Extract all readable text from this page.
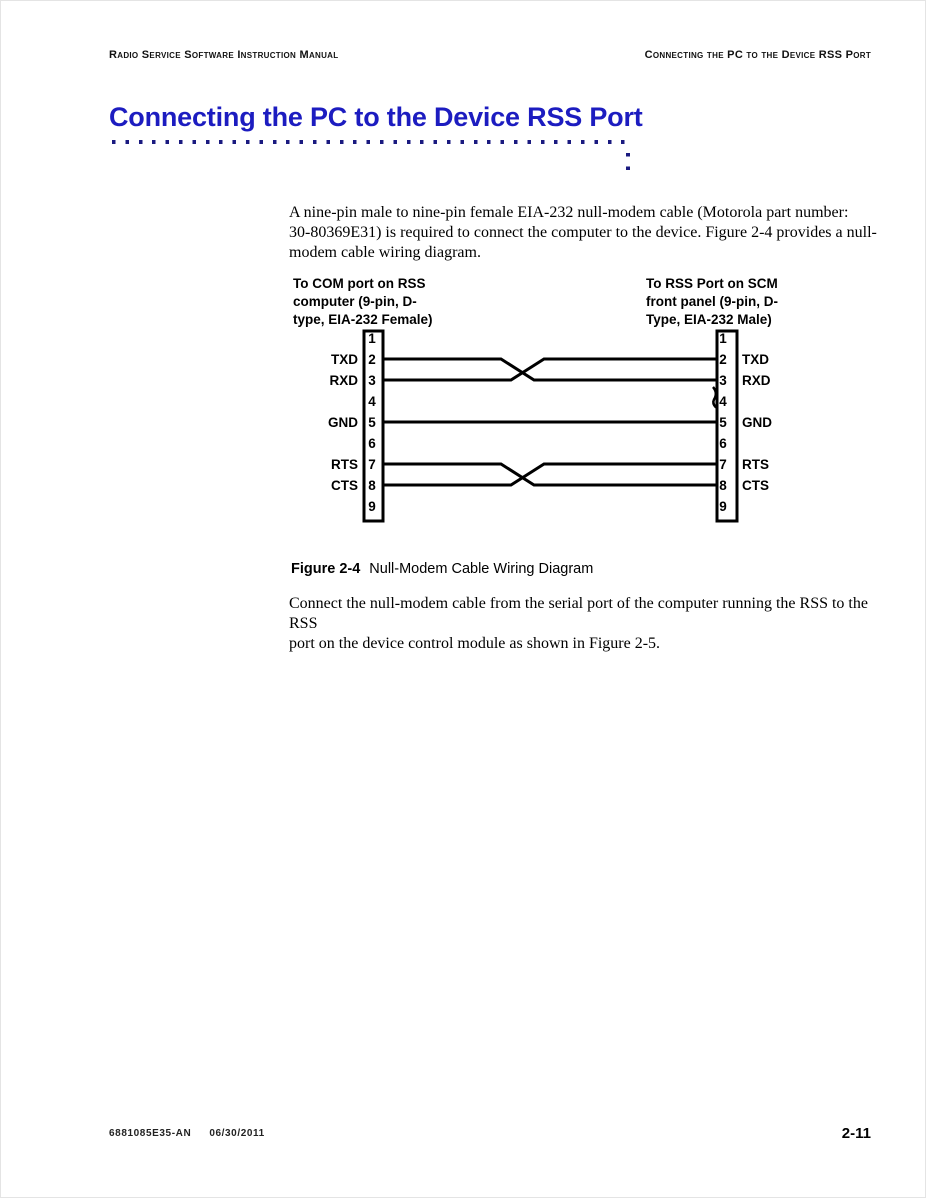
Radio Service Software Instruction Manual	Connecting the PC to the Device RSS Port
Connecting the PC to the Device RSS Port
A nine-pin male to nine-pin female EIA-232 null-modem cable (Motorola part number:
30-80369E31) is required to connect the computer to the device. Figure 2-4 provides a null-
modem cable wiring diagram.
To COM port on RSS
computer (9-pin, D-
type, EIA-232 Female)
To RSS Port on SCM
front panel (9-pin, D-
Type, EIA-232 Male)
1	1
2	2
3	3
4	4
5	5
6	6
7	7
8	8
9	9
TXD	TXD
RXD	RXD
GND	GND
RTS	RTS
CTS	CTS
Figure 2-4 Null-Modem Cable Wiring Diagram
Connect the null-modem cable from the serial port of the computer running the RSS to the RSS
port on the device control module as shown in Figure 2-5.
6881085E35-AN 06/30/2011	2-11
